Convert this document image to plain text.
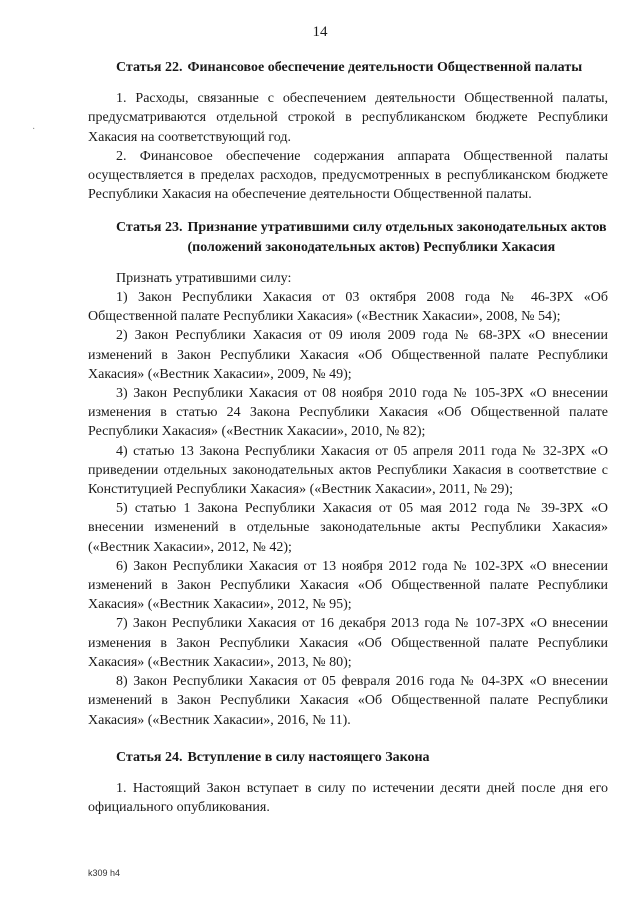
14
·
Статья 22. Финансовое обеспечение деятельности Общественной палаты

1. Расходы, связанные с обеспечением деятельности Общественной палаты, предусматриваются отдельной строкой в республиканском бюджете Республики Хакасия на соответствующий год.

2. Финансовое обеспечение содержания аппарата Общественной палаты осуществляется в пределах расходов, предусмотренных в республиканском бюджете Республики Хакасия на обеспечение деятельности Общественной палаты.

Статья 23. Признание утратившими силу отдельных законодательных актов (положений законодательных актов) Республики Хакасия

Признать утратившими силу:

1) Закон Республики Хакасия от 03 октября 2008 года № 46-ЗРХ «Об Общественной палате Республики Хакасия» («Вестник Хакасии», 2008, № 54);

2) Закон Республики Хакасия от 09 июля 2009 года № 68-ЗРХ «О внесении изменений в Закон Республики Хакасия «Об Общественной палате Республики Хакасия» («Вестник Хакасии», 2009, № 49);

3) Закон Республики Хакасия от 08 ноября 2010 года № 105-ЗРХ «О внесении изменения в статью 24 Закона Республики Хакасия «Об Общественной палате Республики Хакасия» («Вестник Хакасии», 2010, № 82);

4) статью 13 Закона Республики Хакасия от 05 апреля 2011 года № 32-ЗРХ «О приведении отдельных законодательных актов Республики Хакасия в соответствие с Конституцией Республики Хакасия» («Вестник Хакасии», 2011, № 29);

5) статью 1 Закона Республики Хакасия от 05 мая 2012 года № 39-ЗРХ «О внесении изменений в отдельные законодательные акты Республики Хакасия» («Вестник Хакасии», 2012, № 42);

6) Закон Республики Хакасия от 13 ноября 2012 года № 102-ЗРХ «О внесении изменений в Закон Республики Хакасия «Об Общественной палате Республики Хакасия» («Вестник Хакасии», 2012, № 95);

7) Закон Республики Хакасия от 16 декабря 2013 года № 107-ЗРХ «О внесении изменения в Закон Республики Хакасия «Об Общественной палате Республики Хакасия» («Вестник Хакасии», 2013, № 80);

8) Закон Республики Хакасия от 05 февраля 2016 года № 04-ЗРХ «О внесении изменений в Закон Республики Хакасия «Об Общественной палате Республики Хакасия» («Вестник Хакасии», 2016, № 11).

Статья 24. Вступление в силу настоящего Закона

1. Настоящий Закон вступает в силу по истечении десяти дней после дня его официального опубликования.

k309 h4
